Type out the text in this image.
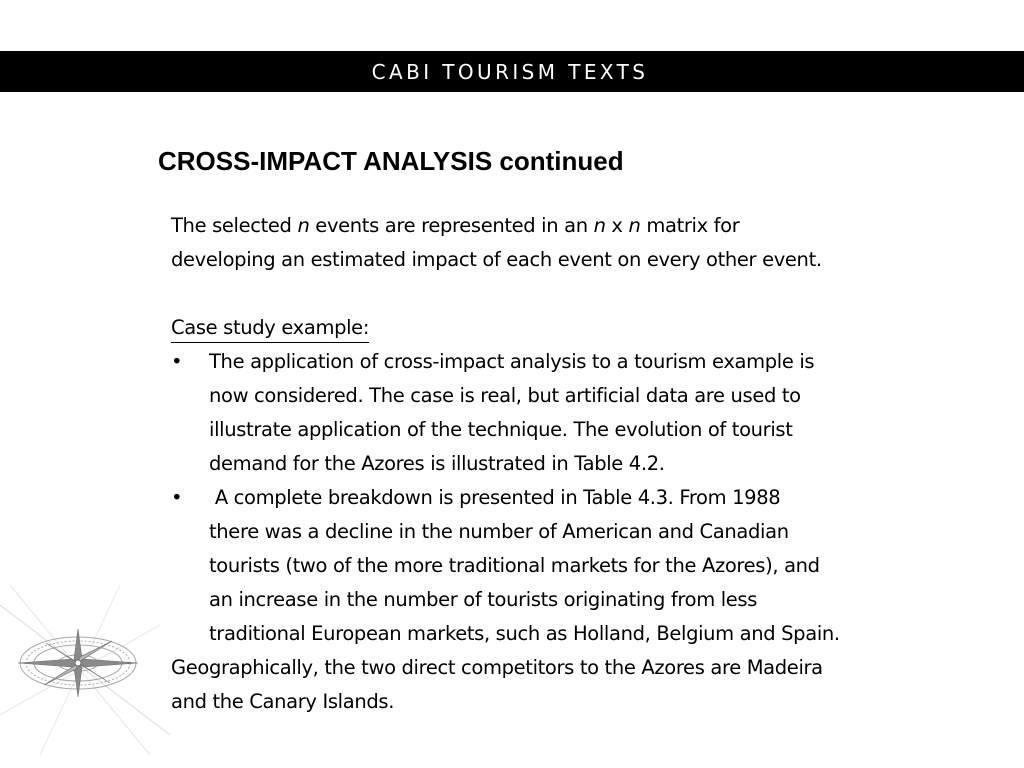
CABI TOURISM TEXTS
CROSS-IMPACT ANALYSIS continued

The selected n events are represented in an n x n matrix for

developing an estimated impact of each event on every other event.

Case study example:

•	The application of cross-impact analysis to a tourism example is

now considered. The case is real, but artificial data are used to

illustrate application of the technique. The evolution of tourist

demand for the Azores is illustrated in Table 4.2.

•	A complete breakdown is presented in Table 4.3. From 1988

there was a decline in the number of American and Canadian

tourists (two of the more traditional markets for the Azores), and

an increase in the number of tourists originating from less

traditional European markets, such as Holland, Belgium and Spain.

Geographically, the two direct competitors to the Azores are Madeira

and the Canary Islands.
